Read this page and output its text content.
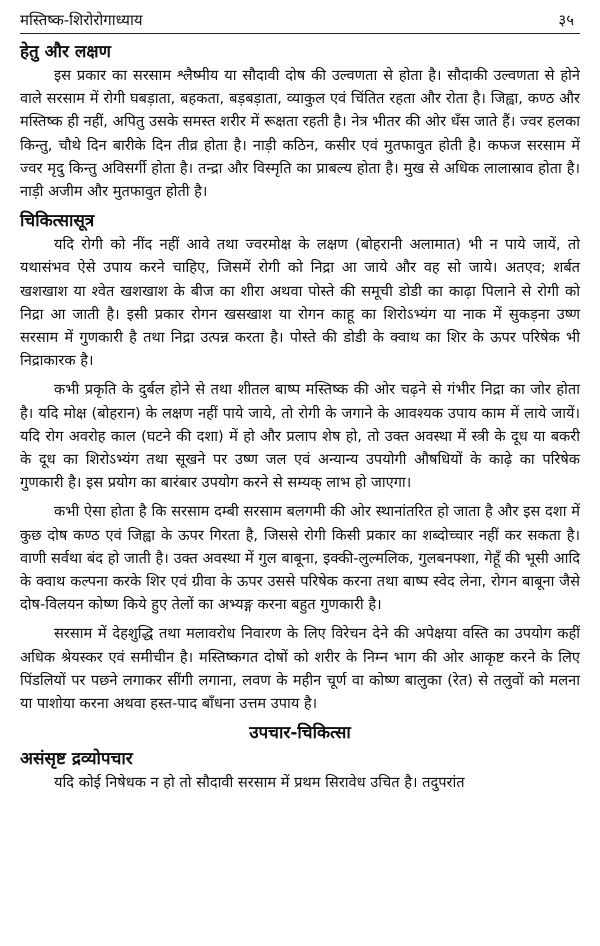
मस्तिष्क-शिरोरोगाध्याय	३५
हेतु और लक्षण

इस प्रकार का सरसाम श्लैष्मीय या सौदावी दोष की उल्वणता से होता है। सौदाकी उल्वणता से होने वाले सरसाम में रोगी घबड़ाता, बहकता, बड़बड़ाता, व्याकुल एवं चिंतित रहता और रोता है। जिह्वा, कण्ठ और मस्तिष्क ही नहीं, अपितु उसके समस्त शरीर में रूक्षता रहती है। नेत्र भीतर की ओर धँस जाते हैं। ज्वर हलका किन्तु, चौथे दिन बारीके दिन तीव्र होता है। नाड़ी कठिन, कसीर एवं मुतफावुत होती है। कफज सरसाम में ज्वर मृदु किन्तु अविसर्गी होता है। तन्द्रा और विस्मृति का प्राबल्य होता है। मुख से अधिक लालास्राव होता है। नाड़ी अजीम और मुतफावुत होती है।

चिकित्सासूत्र

यदि रोगी को नींद नहीं आवे तथा ज्वरमोक्ष के लक्षण (बोहरानी अलामात) भी न पाये जायें, तो यथासंभव ऐसे उपाय करने चाहिए, जिसमें रोगी को निद्रा आ जाये और वह सो जाये। अतएव; शर्बत खशखाश या श्वेत खशखाश के बीज का शीरा अथवा पोस्ते की समूची डोडी का काढ़ा पिलाने से रोगी को निद्रा आ जाती है। इसी प्रकार रोगन खसखाश या रोगन काहू का शिरोऽभ्यंग या नाक में सुकड़ना उष्ण सरसाम में गुणकारी है तथा निद्रा उत्पन्न करता है। पोस्ते की डोडी के क्वाथ का शिर के ऊपर परिषेक भी निद्राकारक है।

कभी प्रकृति के दुर्बल होने से तथा शीतल बाष्प मस्तिष्क की ओर चढ़ने से गंभीर निद्रा का जोर होता है। यदि मोक्ष (बोहरान) के लक्षण नहीं पाये जाये, तो रोगी के जगाने के आवश्यक उपाय काम में लाये जायें। यदि रोग अवरोह काल (घटने की दशा) में हो और प्रलाप शेष हो, तो उक्त अवस्था में स्त्री के दूध या बकरी के दूध का शिरोऽभ्यंग तथा सूखने पर उष्ण जल एवं अन्यान्य उपयोगी औषधियों के काढ़े का परिषेक गुणकारी है। इस प्रयोग का बारंबार उपयोग करने से सम्यक् लाभ हो जाएगा।

कभी ऐसा होता है कि सरसाम दम्बी सरसाम बलगमी की ओर स्थानांतरित हो जाता है और इस दशा में कुछ दोष कण्ठ एवं जिह्वा के ऊपर गिरता है, जिससे रोगी किसी प्रकार का शब्दोच्चार नहीं कर सकता है। वाणी सर्वथा बंद हो जाती है। उक्त अवस्था में गुल बाबूना, इक्की-लुल्मलिक, गुलबनफ्शा, गेहूँ की भूसी आदि के क्वाथ कल्पना करके शिर एवं ग्रीवा के ऊपर उससे परिषेक करना तथा बाष्प स्वेद लेना, रोगन बाबूना जैसे दोष-विलयन कोष्ण किये हुए तेलों का अभ्यङ्ग करना बहुत गुणकारी है।

सरसाम में देहशुद्धि तथा मलावरोध निवारण के लिए विरेचन देने की अपेक्षया वस्ति का उपयोग कहीं अधिक श्रेयस्कर एवं समीचीन है। मस्तिष्कगत दोषों को शरीर के निम्न भाग की ओर आकृष्ट करने के लिए पिंडलियों पर पछने लगाकर सींगी लगाना, लवण के महीन चूर्ण वा कोष्ण बालुका (रेत) से तलुवों को मलना या पाशोया करना अथवा हस्त-पाद बाँधना उत्तम उपाय है।

उपचार-चिकित्सा
असंसृष्ट द्रव्योपचार

यदि कोई निषेधक न हो तो सौदावी सरसाम में प्रथम सिरावेध उचित है। तदुपरांत
